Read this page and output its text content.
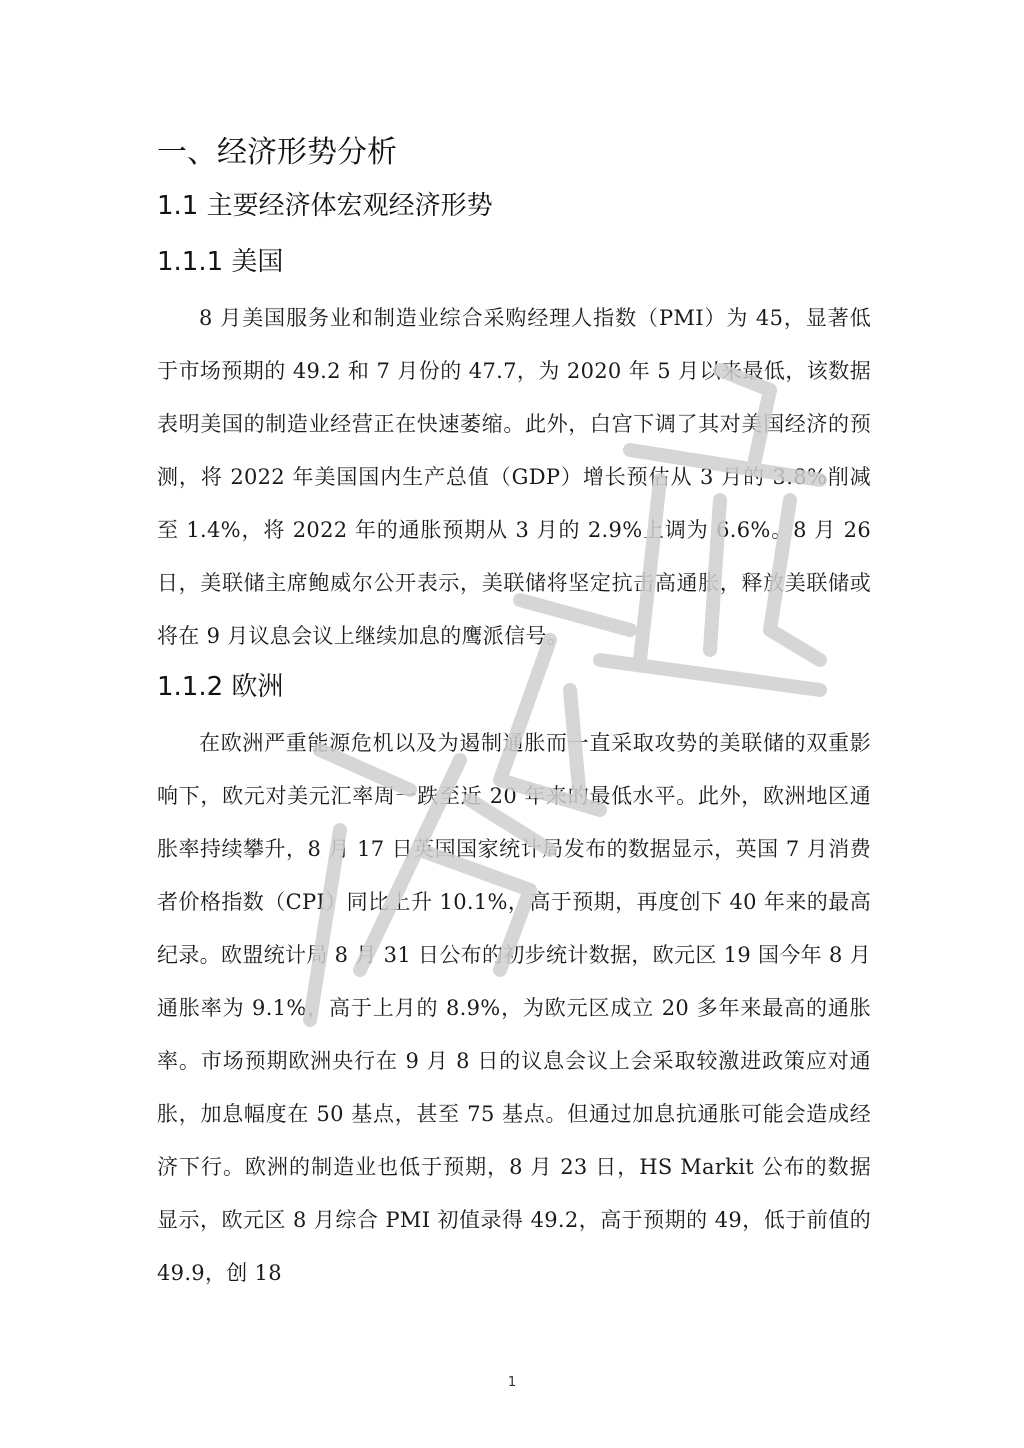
一、经济形势分析
1.1 主要经济体宏观经济形势
1.1.1 美国

8 月美国服务业和制造业综合采购经理人指数（PMI）为 45，显著低于市场预期的 49.2 和 7 月份的 47.7，为 2020 年 5 月以来最低，该数据表明美国的制造业经营正在快速萎缩。此外，白宫下调了其对美国经济的预测，将 2022 年美国国内生产总值（GDP）增长预估从 3 月的 3.8%削减至 1.4%，将 2022 年的通胀预期从 3 月的 2.9%上调为 6.6%。8 月 26 日，美联储主席鲍威尔公开表示，美联储将坚定抗击高通胀，释放美联储或将在 9 月议息会议上继续加息的鹰派信号。

1.1.2 欧洲

在欧洲严重能源危机以及为遏制通胀而一直采取攻势的美联储的双重影响下，欧元对美元汇率周一跌至近 20 年来的最低水平。此外，欧洲地区通胀率持续攀升，8 月 17 日英国国家统计局发布的数据显示，英国 7 月消费者价格指数（CPI）同比上升 10.1%，高于预期，再度创下 40 年来的最高纪录。欧盟统计局 8 月 31 日公布的初步统计数据，欧元区 19 国今年 8 月通胀率为 9.1%，高于上月的 8.9%，为欧元区成立 20 多年来最高的通胀率。市场预期欧洲央行在 9 月 8 日的议息会议上会采取较激进政策应对通胀，加息幅度在 50 基点，甚至 75 基点。但通过加息抗通胀可能会造成经济下行。欧洲的制造业也低于预期，8 月 23 日，HS Markit 公布的数据显示，欧元区 8 月综合 PMI 初值录得 49.2，高于预期的 49，低于前值的 49.9，创 18

1
